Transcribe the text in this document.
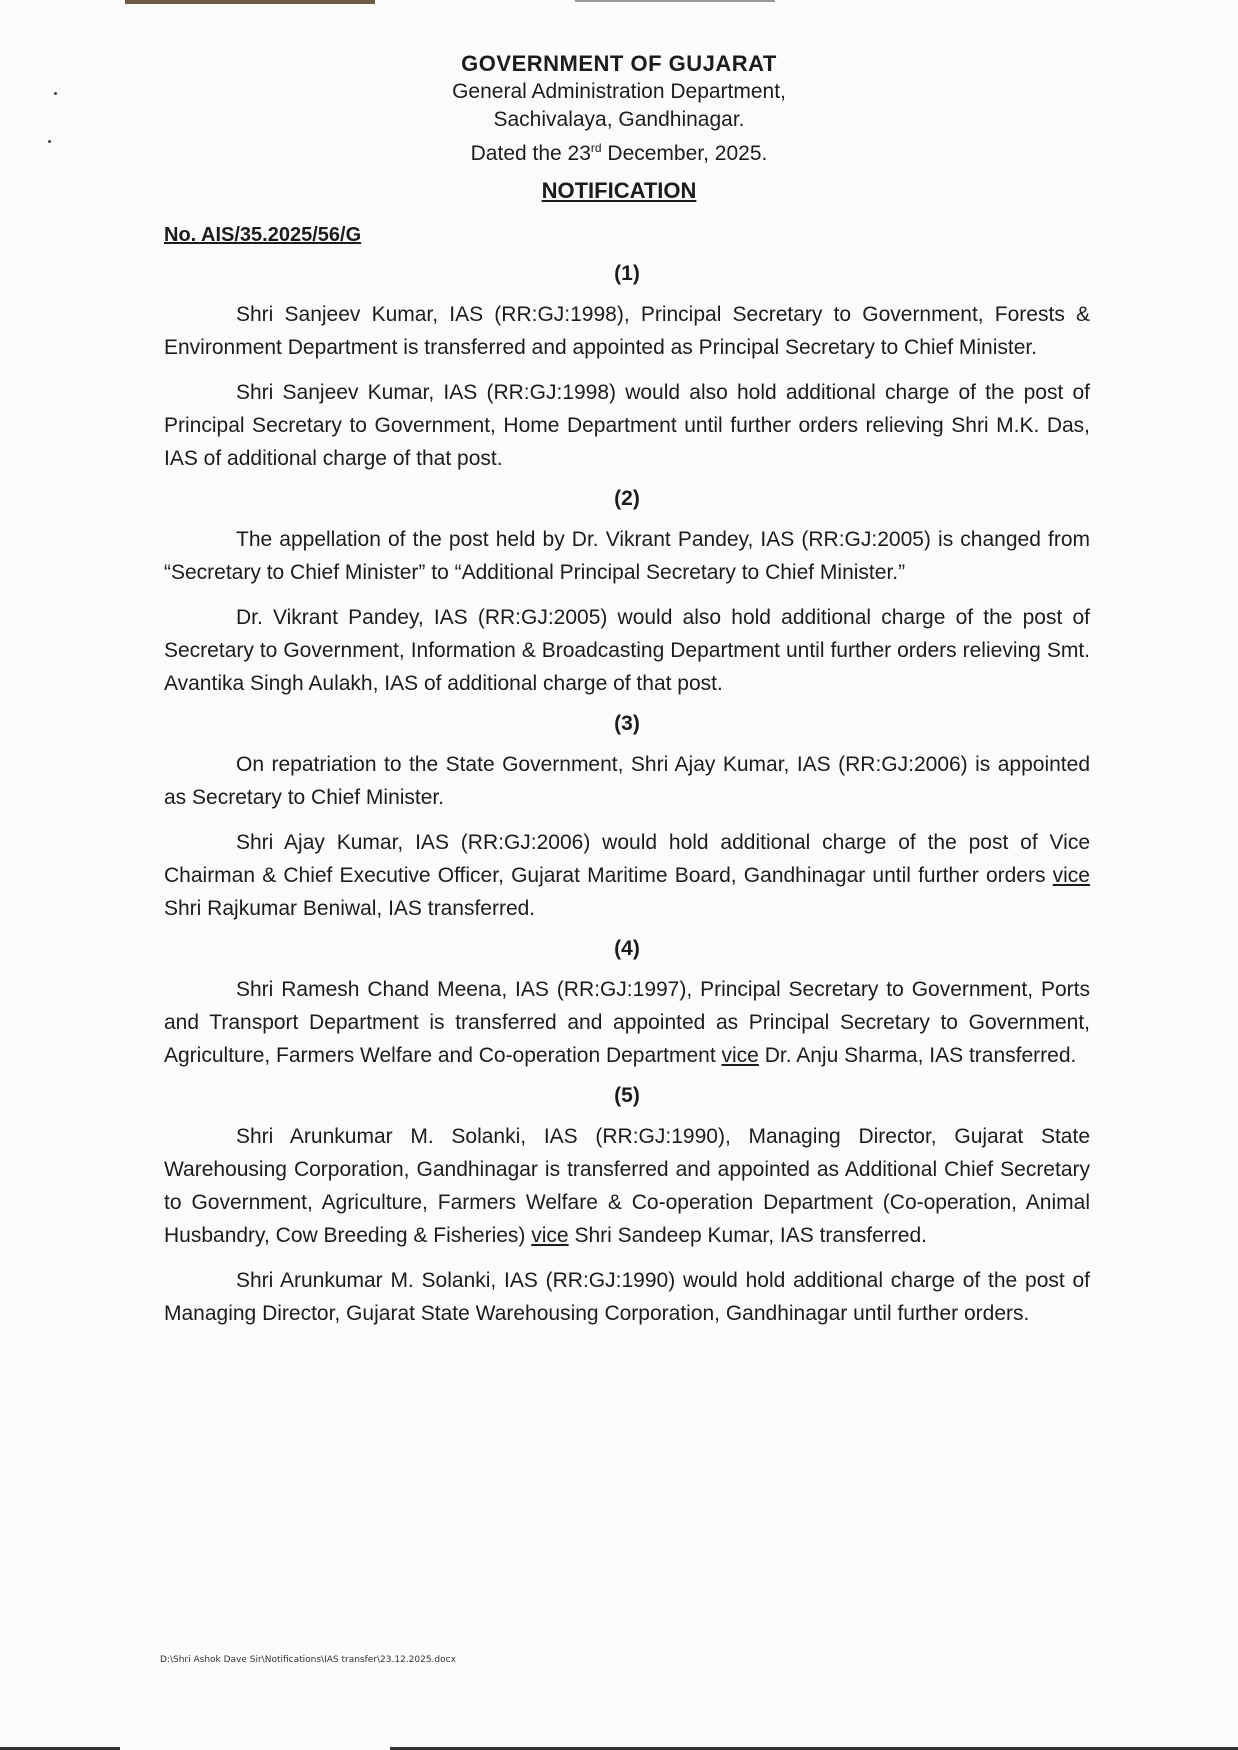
GOVERNMENT OF GUJARAT
General Administration Department,
Sachivalaya, Gandhinagar.
Dated the 23rd December, 2025.
NOTIFICATION
No. AIS/35.2025/56/G
(1)

Shri Sanjeev Kumar, IAS (RR:GJ:1998), Principal Secretary to Government, Forests & Environment Department is transferred and appointed as Principal Secretary to Chief Minister.

Shri Sanjeev Kumar, IAS (RR:GJ:1998) would also hold additional charge of the post of Principal Secretary to Government, Home Department until further orders relieving Shri M.K. Das, IAS of additional charge of that post.

(2)

The appellation of the post held by Dr. Vikrant Pandey, IAS (RR:GJ:2005) is changed from “Secretary to Chief Minister” to “Additional Principal Secretary to Chief Minister.”

Dr. Vikrant Pandey, IAS (RR:GJ:2005) would also hold additional charge of the post of Secretary to Government, Information & Broadcasting Department until further orders relieving Smt. Avantika Singh Aulakh, IAS of additional charge of that post.

(3)

On repatriation to the State Government, Shri Ajay Kumar, IAS (RR:GJ:2006) is appointed as Secretary to Chief Minister.

Shri Ajay Kumar, IAS (RR:GJ:2006) would hold additional charge of the post of Vice Chairman & Chief Executive Officer, Gujarat Maritime Board, Gandhinagar until further orders vice Shri Rajkumar Beniwal, IAS transferred.

(4)

Shri Ramesh Chand Meena, IAS (RR:GJ:1997), Principal Secretary to Government, Ports and Transport Department is transferred and appointed as Principal Secretary to Government, Agriculture, Farmers Welfare and Co-operation Department vice Dr. Anju Sharma, IAS transferred.

(5)

Shri Arunkumar M. Solanki, IAS (RR:GJ:1990), Managing Director, Gujarat State Warehousing Corporation, Gandhinagar is transferred and appointed as Additional Chief Secretary to Government, Agriculture, Farmers Welfare & Co-operation Department (Co-operation, Animal Husbandry, Cow Breeding & Fisheries) vice Shri Sandeep Kumar, IAS transferred.

Shri Arunkumar M. Solanki, IAS (RR:GJ:1990) would hold additional charge of the post of Managing Director, Gujarat State Warehousing Corporation, Gandhinagar until further orders.

D:\Shri Ashok Dave Sir\Notifications\IAS transfer\23.12.2025.docx
